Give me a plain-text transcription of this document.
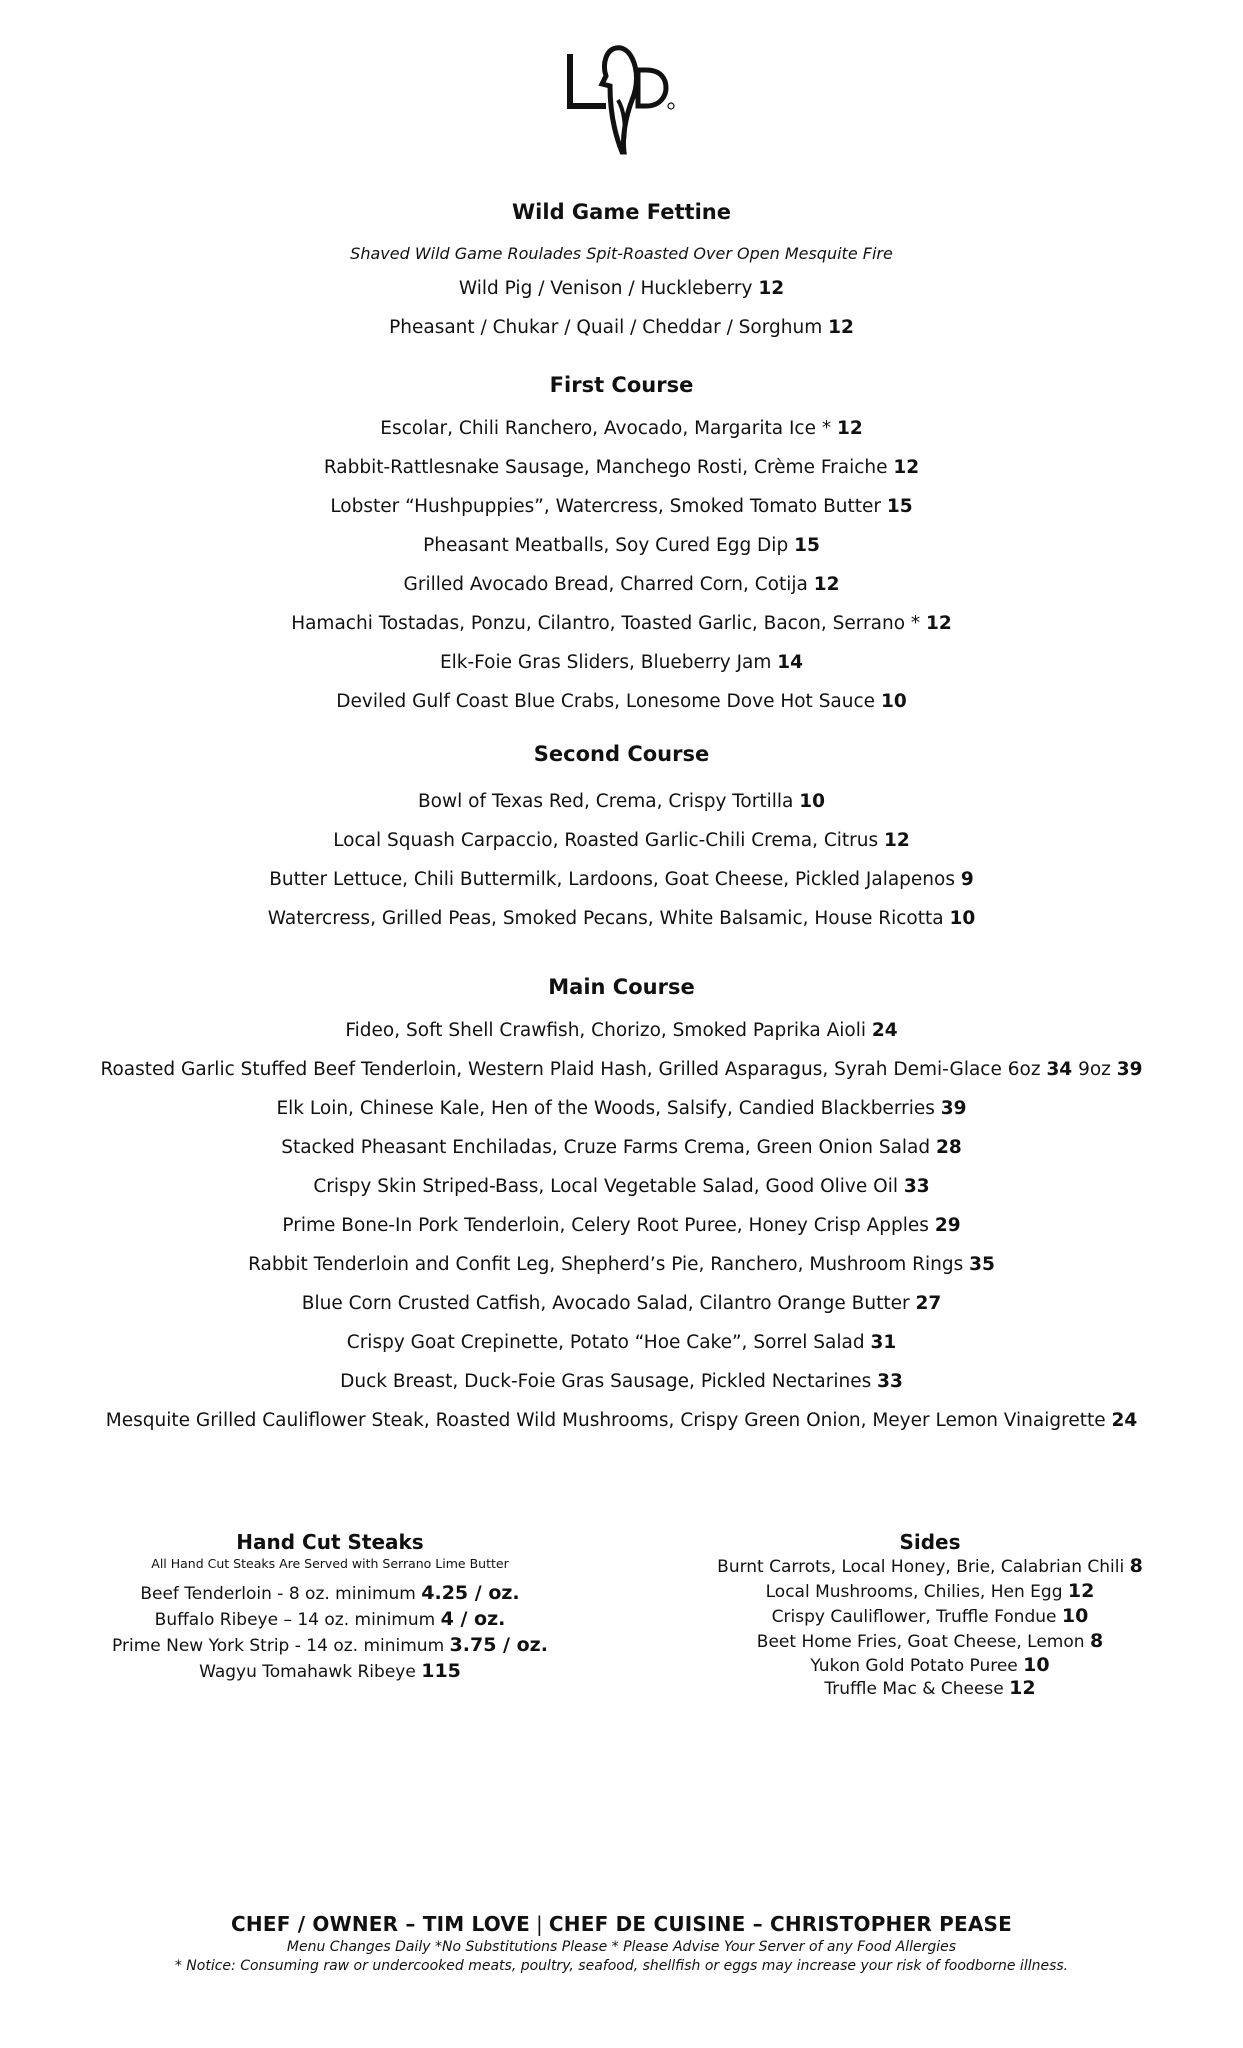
Wild Game Fettine
Shaved Wild Game Roulades Spit-Roasted Over Open Mesquite Fire
Wild Pig / Venison / Huckleberry 12
Pheasant / Chukar / Quail / Cheddar / Sorghum 12
First Course
Escolar, Chili Ranchero, Avocado, Margarita Ice * 12
Rabbit-Rattlesnake Sausage, Manchego Rosti, Crème Fraiche 12
Lobster “Hushpuppies”, Watercress, Smoked Tomato Butter 15
Pheasant Meatballs, Soy Cured Egg Dip 15
Grilled Avocado Bread, Charred Corn, Cotija 12
Hamachi Tostadas, Ponzu, Cilantro, Toasted Garlic, Bacon, Serrano * 12
Elk-Foie Gras Sliders, Blueberry Jam 14
Deviled Gulf Coast Blue Crabs, Lonesome Dove Hot Sauce 10
Second Course
Bowl of Texas Red, Crema, Crispy Tortilla 10
Local Squash Carpaccio, Roasted Garlic-Chili Crema, Citrus 12
Butter Lettuce, Chili Buttermilk, Lardoons, Goat Cheese, Pickled Jalapenos 9
Watercress, Grilled Peas, Smoked Pecans, White Balsamic, House Ricotta 10
Main Course
Fideo, Soft Shell Crawfish, Chorizo, Smoked Paprika Aioli 24
Roasted Garlic Stuffed Beef Tenderloin, Western Plaid Hash, Grilled Asparagus, Syrah Demi-Glace 6oz 34 9oz 39
Elk Loin, Chinese Kale, Hen of the Woods, Salsify, Candied Blackberries 39
Stacked Pheasant Enchiladas, Cruze Farms Crema, Green Onion Salad 28
Crispy Skin Striped-Bass, Local Vegetable Salad, Good Olive Oil 33
Prime Bone-In Pork Tenderloin, Celery Root Puree, Honey Crisp Apples 29
Rabbit Tenderloin and Confit Leg, Shepherd’s Pie, Ranchero, Mushroom Rings 35
Blue Corn Crusted Catfish, Avocado Salad, Cilantro Orange Butter 27
Crispy Goat Crepinette, Potato “Hoe Cake”, Sorrel Salad 31
Duck Breast, Duck-Foie Gras Sausage, Pickled Nectarines 33
Mesquite Grilled Cauliflower Steak, Roasted Wild Mushrooms, Crispy Green Onion, Meyer Lemon Vinaigrette 24
Hand Cut Steaks
All Hand Cut Steaks Are Served with Serrano Lime Butter
Beef Tenderloin - 8 oz. minimum 4.25 / oz.
Buffalo Ribeye – 14 oz. minimum 4 / oz.
Prime New York Strip - 14 oz. minimum 3.75 / oz.
Wagyu Tomahawk Ribeye 115
Sides
Burnt Carrots, Local Honey, Brie, Calabrian Chili 8
Local Mushrooms, Chilies, Hen Egg 12
Crispy Cauliflower, Truffle Fondue 10
Beet Home Fries, Goat Cheese, Lemon 8
Yukon Gold Potato Puree 10
Truffle Mac & Cheese 12
CHEF / OWNER – TIM LOVE | CHEF DE CUISINE – CHRISTOPHER PEASE
Menu Changes Daily *No Substitutions Please * Please Advise Your Server of any Food Allergies
* Notice: Consuming raw or undercooked meats, poultry, seafood, shellfish or eggs may increase your risk of foodborne illness.
